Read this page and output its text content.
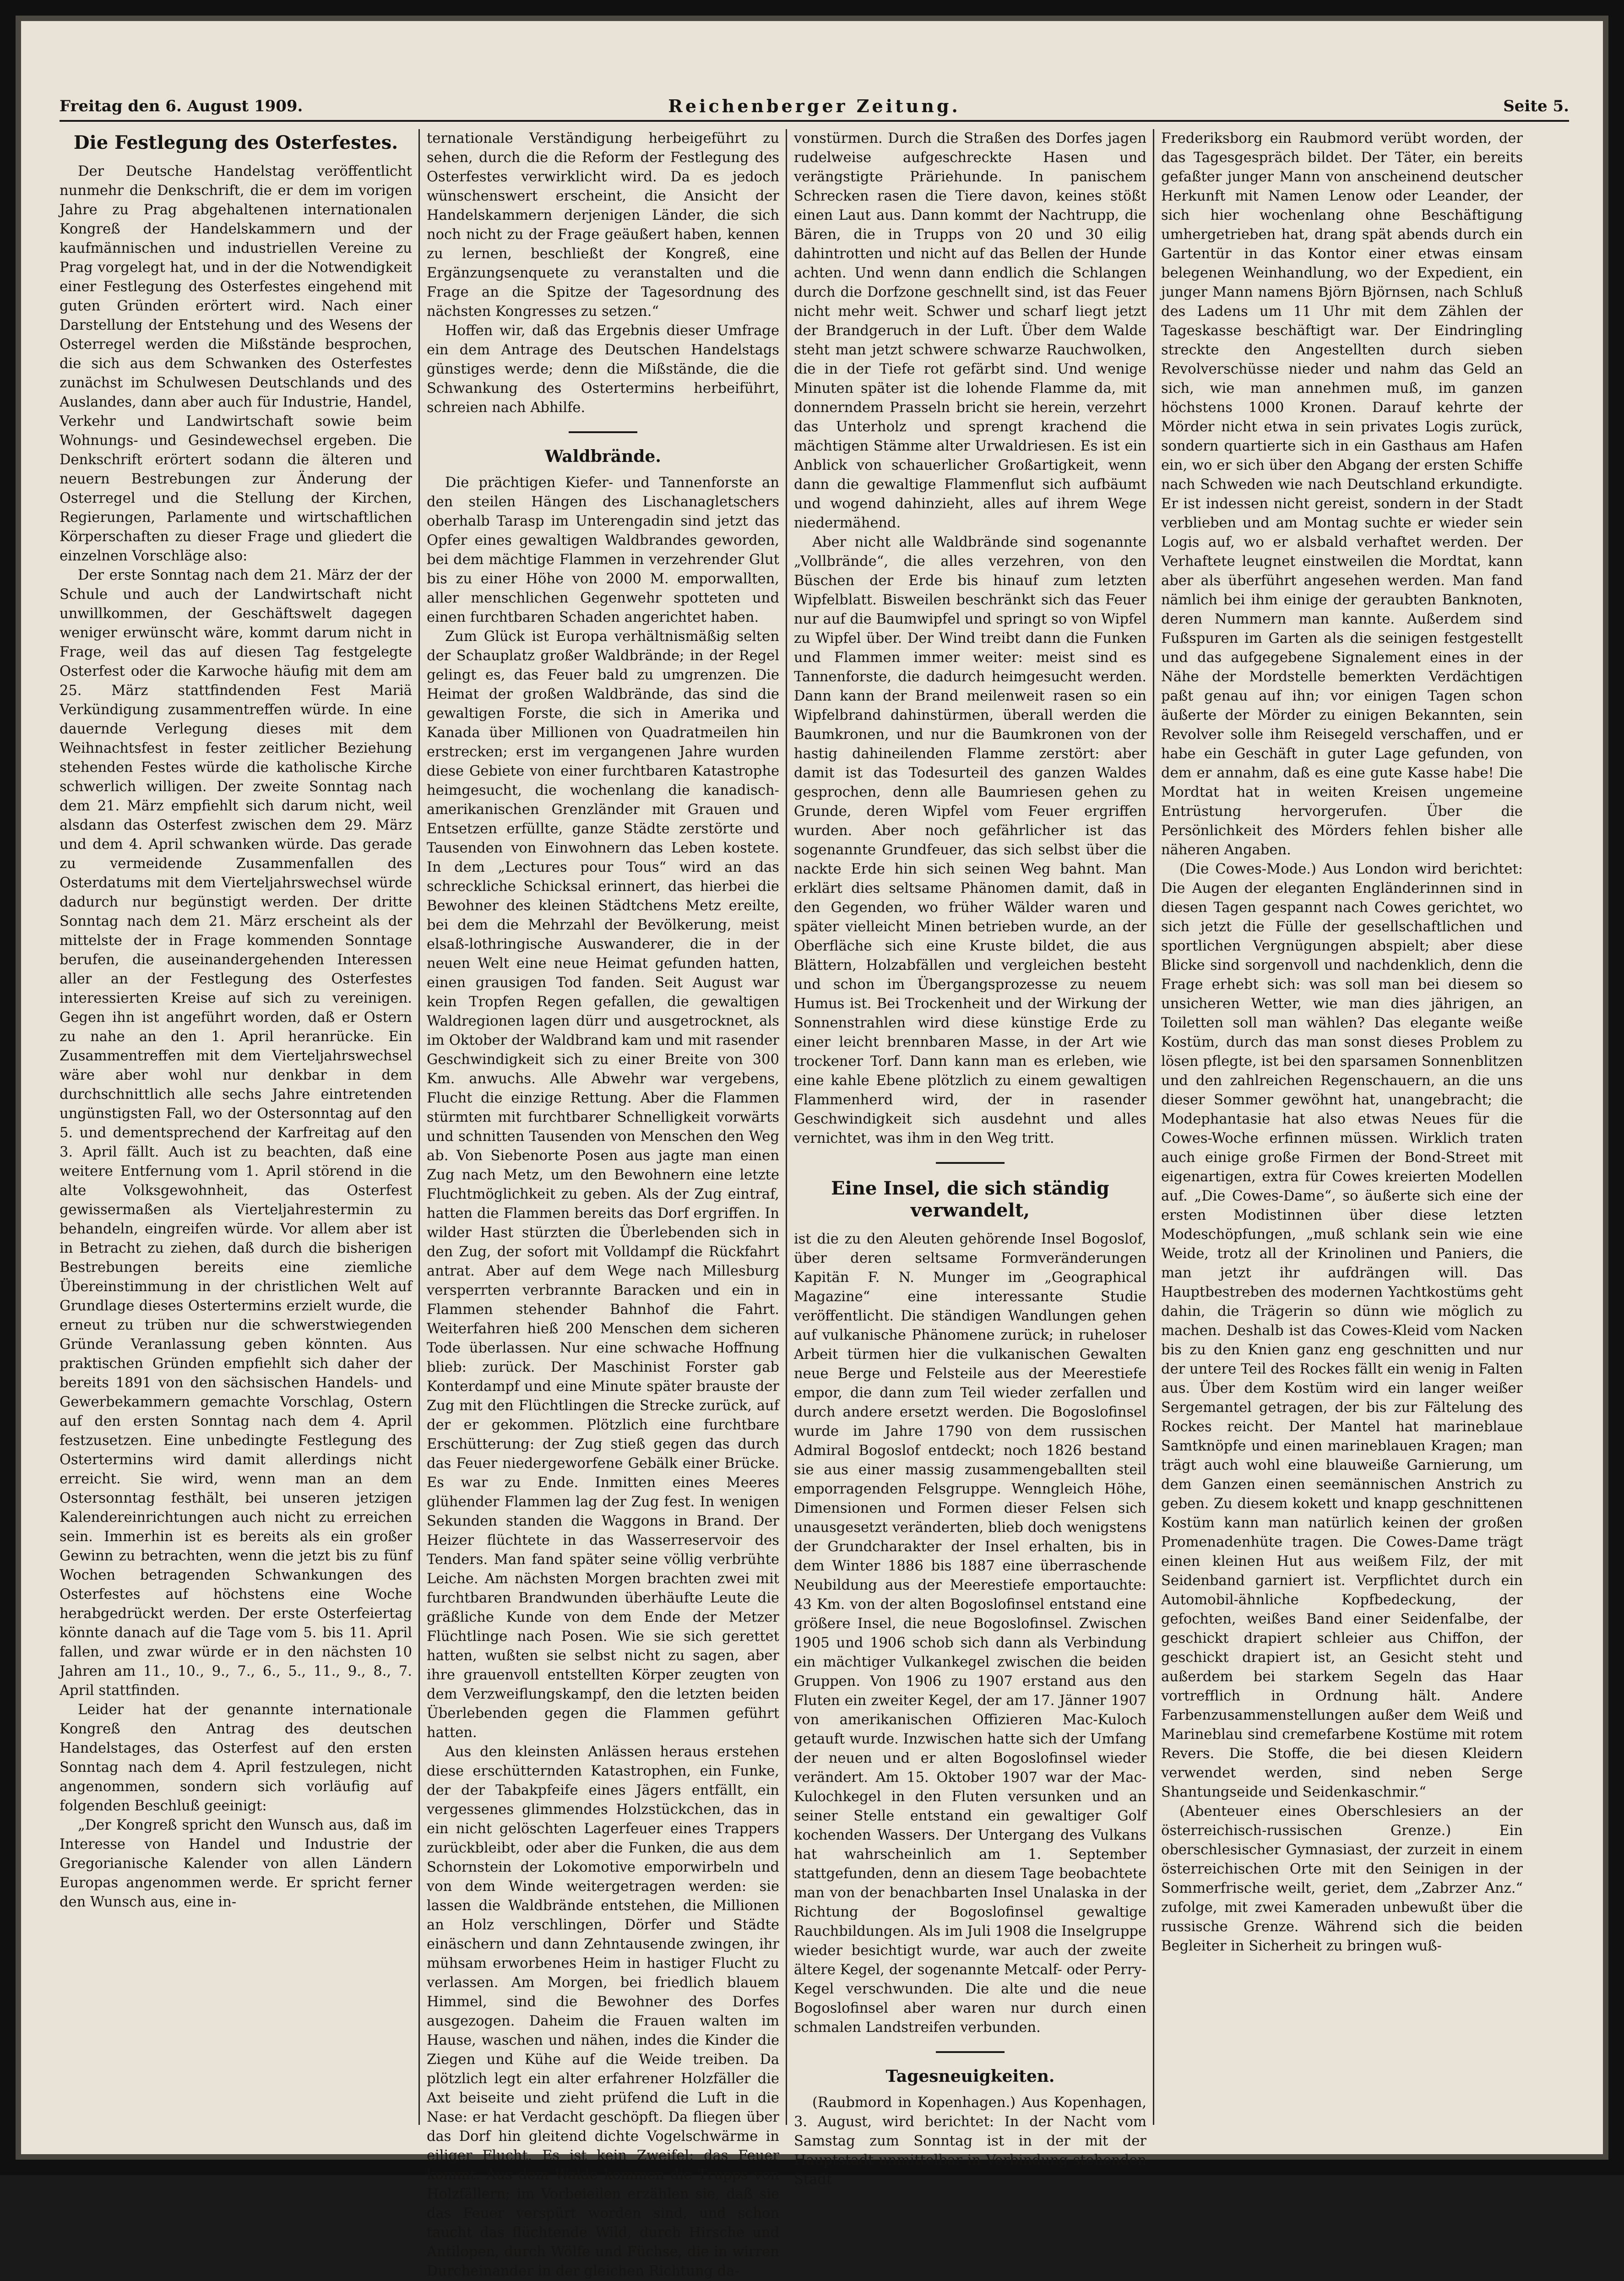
Freitag den 6. August 1909.	Reichenberger Zeitung.	Seite 5.
Die Festlegung des Osterfestes.

Der Deutsche Handelstag veröffentlicht nunmehr die Denkschrift, die er dem im vorigen Jahre zu Prag abgehaltenen internationalen Kongreß der Handelskammern und der kaufmännischen und industriellen Vereine zu Prag vorgelegt hat, und in der die Notwendigkeit einer Festlegung des Osterfestes eingehend mit guten Gründen erörtert wird. Nach einer Darstellung der Entstehung und des Wesens der Osterregel werden die Mißstände besprochen, die sich aus dem Schwanken des Osterfestes zunächst im Schulwesen Deutschlands und des Auslandes, dann aber auch für Industrie, Handel, Verkehr und Landwirtschaft sowie beim Wohnungs- und Gesindewechsel ergeben. Die Denkschrift erörtert sodann die älteren und neuern Bestrebungen zur Änderung der Osterregel und die Stellung der Kirchen, Regierungen, Parlamente und wirtschaftlichen Körperschaften zu dieser Frage und gliedert die einzelnen Vorschläge also:

Der erste Sonntag nach dem 21. März der der Schule und auch der Landwirtschaft nicht unwillkommen, der Geschäftswelt dagegen weniger erwünscht wäre, kommt darum nicht in Frage, weil das auf diesen Tag festgelegte Osterfest oder die Karwoche häufig mit dem am 25. März stattfindenden Fest Mariä Verkündigung zusammentreffen würde. In eine dauernde Verlegung dieses mit dem Weihnachtsfest in fester zeitlicher Beziehung stehenden Festes würde die katholische Kirche schwerlich willigen. Der zweite Sonntag nach dem 21. März empfiehlt sich darum nicht, weil alsdann das Osterfest zwischen dem 29. März und dem 4. April schwanken würde. Das gerade zu vermeidende Zusammenfallen des Osterdatums mit dem Vierteljahrswechsel würde dadurch nur begünstigt werden. Der dritte Sonntag nach dem 21. März erscheint als der mittelste der in Frage kommenden Sonntage berufen, die auseinandergehenden Interessen aller an der Festlegung des Osterfestes interessierten Kreise auf sich zu vereinigen. Gegen ihn ist angeführt worden, daß er Ostern zu nahe an den 1. April heranrücke. Ein Zusammentreffen mit dem Vierteljahrswechsel wäre aber wohl nur denkbar in dem durchschnittlich alle sechs Jahre eintretenden ungünstigsten Fall, wo der Ostersonntag auf den 5. und dementsprechend der Karfreitag auf den 3. April fällt. Auch ist zu beachten, daß eine weitere Entfernung vom 1. April störend in die alte Volksgewohnheit, das Osterfest gewissermaßen als Vierteljahrestermin zu behandeln, eingreifen würde. Vor allem aber ist in Betracht zu ziehen, daß durch die bisherigen Bestrebungen bereits eine ziemliche Übereinstimmung in der christlichen Welt auf Grundlage dieses Ostertermins erzielt wurde, die erneut zu trüben nur die schwerstwiegenden Gründe Veranlassung geben könnten. Aus praktischen Gründen empfiehlt sich daher der bereits 1891 von den sächsischen Handels- und Gewerbekammern gemachte Vorschlag, Ostern auf den ersten Sonntag nach dem 4. April festzusetzen. Eine unbedingte Festlegung des Ostertermins wird damit allerdings nicht erreicht. Sie wird, wenn man an dem Ostersonntag festhält, bei unseren jetzigen Kalendereinrichtungen auch nicht zu erreichen sein. Immerhin ist es bereits als ein großer Gewinn zu betrachten, wenn die jetzt bis zu fünf Wochen betragenden Schwankungen des Osterfestes auf höchstens eine Woche herabgedrückt werden. Der erste Osterfeiertag könnte danach auf die Tage vom 5. bis 11. April fallen, und zwar würde er in den nächsten 10 Jahren am 11., 10., 9., 7., 6., 5., 11., 9., 8., 7. April stattfinden.

Leider hat der genannte internationale Kongreß den Antrag des deutschen Handelstages, das Osterfest auf den ersten Sonntag nach dem 4. April festzulegen, nicht angenommen, sondern sich vorläufig auf folgenden Beschluß geeinigt:

„Der Kongreß spricht den Wunsch aus, daß im Interesse von Handel und Industrie der Gregorianische Kalender von allen Ländern Europas angenommen werde. Er spricht ferner den Wunsch aus, eine in-

ternationale Verständigung herbeigeführt zu sehen, durch die die Reform der Festlegung des Osterfestes verwirklicht wird. Da es jedoch wünschenswert erscheint, die Ansicht der Handelskammern derjenigen Länder, die sich noch nicht zu der Frage geäußert haben, kennen zu lernen, beschließt der Kongreß, eine Ergänzungsenquete zu veranstalten und die Frage an die Spitze der Tagesordnung des nächsten Kongresses zu setzen.“

Hoffen wir, daß das Ergebnis dieser Umfrage ein dem Antrage des Deutschen Handelstags günstiges werde; denn die Mißstände, die die Schwankung des Ostertermins herbeiführt, schreien nach Abhilfe.

Waldbrände.

Die prächtigen Kiefer- und Tannenforste an den steilen Hängen des Lischanagletschers oberhalb Tarasp im Unterengadin sind jetzt das Opfer eines gewaltigen Waldbrandes geworden, bei dem mächtige Flammen in verzehrender Glut bis zu einer Höhe von 2000 M. emporwallten, aller menschlichen Gegenwehr spotteten und einen furchtbaren Schaden angerichtet haben.

Zum Glück ist Europa verhältnismäßig selten der Schauplatz großer Waldbrände; in der Regel gelingt es, das Feuer bald zu umgrenzen. Die Heimat der großen Waldbrände, das sind die gewaltigen Forste, die sich in Amerika und Kanada über Millionen von Quadratmeilen hin erstrecken; erst im vergangenen Jahre wurden diese Gebiete von einer furchtbaren Katastrophe heimgesucht, die wochenlang die kanadisch-amerikanischen Grenzländer mit Grauen und Entsetzen erfüllte, ganze Städte zerstörte und Tausenden von Einwohnern das Leben kostete. In dem „Lectures pour Tous“ wird an das schreckliche Schicksal erinnert, das hierbei die Bewohner des kleinen Städtchens Metz ereilte, bei dem die Mehrzahl der Bevölkerung, meist elsaß-lothringische Auswanderer, die in der neuen Welt eine neue Heimat gefunden hatten, einen grausigen Tod fanden. Seit August war kein Tropfen Regen gefallen, die gewaltigen Waldregionen lagen dürr und ausgetrocknet, als im Oktober der Waldbrand kam und mit rasender Geschwindigkeit sich zu einer Breite von 300 Km. anwuchs. Alle Abwehr war vergebens, Flucht die einzige Rettung. Aber die Flammen stürmten mit furchtbarer Schnelligkeit vorwärts und schnitten Tausenden von Menschen den Weg ab. Von Siebenorte Posen aus jagte man einen Zug nach Metz, um den Bewohnern eine letzte Fluchtmöglichkeit zu geben. Als der Zug eintraf, hatten die Flammen bereits das Dorf ergriffen. In wilder Hast stürzten die Überlebenden sich in den Zug, der sofort mit Volldampf die Rückfahrt antrat. Aber auf dem Wege nach Millesburg versperrten verbrannte Baracken und ein in Flammen stehender Bahnhof die Fahrt. Weiterfahren hieß 200 Menschen dem sicheren Tode überlassen. Nur eine schwache Hoffnung blieb: zurück. Der Maschinist Forster gab Konterdampf und eine Minute später brauste der Zug mit den Flüchtlingen die Strecke zurück, auf der er gekommen. Plötzlich eine furchtbare Erschütterung: der Zug stieß gegen das durch das Feuer niedergeworfene Gebälk einer Brücke. Es war zu Ende. Inmitten eines Meeres glühender Flammen lag der Zug fest. In wenigen Sekunden standen die Waggons in Brand. Der Heizer flüchtete in das Wasserreservoir des Tenders. Man fand später seine völlig verbrühte Leiche. Am nächsten Morgen brachten zwei mit furchtbaren Brandwunden überhäufte Leute die gräßliche Kunde von dem Ende der Metzer Flüchtlinge nach Posen. Wie sie sich gerettet hatten, wußten sie selbst nicht zu sagen, aber ihre grauenvoll entstellten Körper zeugten von dem Verzweiflungskampf, den die letzten beiden Überlebenden gegen die Flammen geführt hatten.

Aus den kleinsten Anlässen heraus erstehen diese erschütternden Katastrophen, ein Funke, der der Tabakpfeife eines Jägers entfällt, ein vergessenes glimmendes Holzstückchen, das in ein nicht gelöschten Lagerfeuer eines Trappers zurückbleibt, oder aber die Funken, die aus dem Schornstein der Lokomotive emporwirbeln und von dem Winde weitergetragen werden: sie lassen die Waldbrände entstehen, die Millionen an Holz verschlingen, Dörfer und Städte einäschern und dann Zehntausende zwingen, ihr mühsam erworbenes Heim in hastiger Flucht zu verlassen. Am Morgen, bei friedlich blauem Himmel, sind die Bewohner des Dorfes ausgezogen. Daheim die Frauen walten im Hause, waschen und nähen, indes die Kinder die Ziegen und Kühe auf die Weide treiben. Da plötzlich legt ein alter erfahrener Holzfäller die Axt beiseite und zieht prüfend die Luft in die Nase: er hat Verdacht geschöpft. Da fliegen über das Dorf hin gleitend dichte Vogelschwärme in eiliger Flucht. Es ist kein Zweifel: das Feuer kommt. Aus dem Walde kommen die Trupps von Holzfällern; im Vorbeieilen erzählen sie, daß sie das Feuer verspürt worden sind, und schon taucht das flüchtende Wild, durch Hirsche und Antilopen, durch Wölfe und Füchse, die in wirren Durcheinander in der gleichen Richtung da-

vonstürmen. Durch die Straßen des Dorfes jagen rudelweise aufgeschreckte Hasen und verängstigte Präriehunde. In panischem Schrecken rasen die Tiere davon, keines stößt einen Laut aus. Dann kommt der Nachtrupp, die Bären, die in Trupps von 20 und 30 eilig dahintrotten und nicht auf das Bellen der Hunde achten. Und wenn dann endlich die Schlangen durch die Dorfzone geschnellt sind, ist das Feuer nicht mehr weit. Schwer und scharf liegt jetzt der Brandgeruch in der Luft. Über dem Walde steht man jetzt schwere schwarze Rauchwolken, die in der Tiefe rot gefärbt sind. Und wenige Minuten später ist die lohende Flamme da, mit donnerndem Prasseln bricht sie herein, verzehrt das Unterholz und sprengt krachend die mächtigen Stämme alter Urwaldriesen. Es ist ein Anblick von schauerlicher Großartigkeit, wenn dann die gewaltige Flammenflut sich aufbäumt und wogend dahinzieht, alles auf ihrem Wege niedermähend.

Aber nicht alle Waldbrände sind sogenannte „Vollbrände“, die alles verzehren, von den Büschen der Erde bis hinauf zum letzten Wipfelblatt. Bisweilen beschränkt sich das Feuer nur auf die Baumwipfel und springt so von Wipfel zu Wipfel über. Der Wind treibt dann die Funken und Flammen immer weiter: meist sind es Tannenforste, die dadurch heimgesucht werden. Dann kann der Brand meilenweit rasen so ein Wipfelbrand dahinstürmen, überall werden die Baumkronen, und nur die Baumkronen von der hastig dahineilenden Flamme zerstört: aber damit ist das Todesurteil des ganzen Waldes gesprochen, denn alle Baumriesen gehen zu Grunde, deren Wipfel vom Feuer ergriffen wurden. Aber noch gefährlicher ist das sogenannte Grundfeuer, das sich selbst über die nackte Erde hin sich seinen Weg bahnt. Man erklärt dies seltsame Phänomen damit, daß in den Gegenden, wo früher Wälder waren und später vielleicht Minen betrieben wurde, an der Oberfläche sich eine Kruste bildet, die aus Blättern, Holzabfällen und vergleichen besteht und schon im Übergangsprozesse zu neuem Humus ist. Bei Trockenheit und der Wirkung der Sonnenstrahlen wird diese künstige Erde zu einer leicht brennbaren Masse, in der Art wie trockener Torf. Dann kann man es erleben, wie eine kahle Ebene plötzlich zu einem gewaltigen Flammenherd wird, der in rasender Geschwindigkeit sich ausdehnt und alles vernichtet, was ihm in den Weg tritt.

Eine Insel, die sich ständig verwandelt,

ist die zu den Aleuten gehörende Insel Bogoslof, über deren seltsame Formveränderungen Kapitän F. N. Munger im „Geographical Magazine“ eine interessante Studie veröffentlicht. Die ständigen Wandlungen gehen auf vulkanische Phänomene zurück; in ruheloser Arbeit türmen hier die vulkanischen Gewalten neue Berge und Felsteile aus der Meerestiefe empor, die dann zum Teil wieder zerfallen und durch andere ersetzt werden. Die Bogoslofinsel wurde im Jahre 1790 von dem russischen Admiral Bogoslof entdeckt; noch 1826 bestand sie aus einer massig zusammengeballten steil emporragenden Felsgruppe. Wenngleich Höhe, Dimensionen und Formen dieser Felsen sich unausgesetzt veränderten, blieb doch wenigstens der Grundcharakter der Insel erhalten, bis in dem Winter 1886 bis 1887 eine überraschende Neubildung aus der Meerestiefe emportauchte: 43 Km. von der alten Bogoslofinsel entstand eine größere Insel, die neue Bogoslofinsel. Zwischen 1905 und 1906 schob sich dann als Verbindung ein mächtiger Vulkankegel zwischen die beiden Gruppen. Von 1906 zu 1907 erstand aus den Fluten ein zweiter Kegel, der am 17. Jänner 1907 von amerikanischen Offizieren Mac-Kuloch getauft wurde. Inzwischen hatte sich der Umfang der neuen und er alten Bogoslofinsel wieder verändert. Am 15. Oktober 1907 war der Mac-Kulochkegel in den Fluten versunken und an seiner Stelle entstand ein gewaltiger Golf kochenden Wassers. Der Untergang des Vulkans hat wahrscheinlich am 1. September stattgefunden, denn an diesem Tage beobachtete man von der benachbarten Insel Unalaska in der Richtung der Bogoslofinsel gewaltige Rauchbildungen. Als im Juli 1908 die Inselgruppe wieder besichtigt wurde, war auch der zweite ältere Kegel, der sogenannte Metcalf- oder Perry-Kegel verschwunden. Die alte und die neue Bogoslofinsel aber waren nur durch einen schmalen Landstreifen verbunden.

Tagesneuigkeiten.

(Raubmord in Kopenhagen.) Aus Kopenhagen, 3. August, wird berichtet: In der Nacht vom Samstag zum Sonntag ist in der mit der Hauptstadt unmittelbar in Verbindung stehenden Stadt

Frederiksborg ein Raubmord verübt worden, der das Tagesgespräch bildet. Der Täter, ein bereits gefaßter junger Mann von anscheinend deutscher Herkunft mit Namen Lenow oder Leander, der sich hier wochenlang ohne Beschäftigung umhergetrieben hat, drang spät abends durch ein Gartentür in das Kontor einer etwas einsam belegenen Weinhandlung, wo der Expedient, ein junger Mann namens Björn Björnsen, nach Schluß des Ladens um 11 Uhr mit dem Zählen der Tageskasse beschäftigt war. Der Eindringling streckte den Angestellten durch sieben Revolverschüsse nieder und nahm das Geld an sich, wie man annehmen muß, im ganzen höchstens 1000 Kronen. Darauf kehrte der Mörder nicht etwa in sein privates Logis zurück, sondern quartierte sich in ein Gasthaus am Hafen ein, wo er sich über den Abgang der ersten Schiffe nach Schweden wie nach Deutschland erkundigte. Er ist indessen nicht gereist, sondern in der Stadt verblieben und am Montag suchte er wieder sein Logis auf, wo er alsbald verhaftet werden. Der Verhaftete leugnet einstweilen die Mordtat, kann aber als überführt angesehen werden. Man fand nämlich bei ihm einige der geraubten Banknoten, deren Nummern man kannte. Außerdem sind Fußspuren im Garten als die seinigen festgestellt und das aufgegebene Signalement eines in der Nähe der Mordstelle bemerkten Verdächtigen paßt genau auf ihn; vor einigen Tagen schon äußerte der Mörder zu einigen Bekannten, sein Revolver solle ihm Reisegeld verschaffen, und er habe ein Geschäft in guter Lage gefunden, von dem er annahm, daß es eine gute Kasse habe! Die Mordtat hat in weiten Kreisen ungemeine Entrüstung hervorgerufen. Über die Persönlichkeit des Mörders fehlen bisher alle näheren Angaben.

(Die Cowes-Mode.) Aus London wird berichtet: Die Augen der eleganten Engländerinnen sind in diesen Tagen gespannt nach Cowes gerichtet, wo sich jetzt die Fülle der gesellschaftlichen und sportlichen Vergnügungen abspielt; aber diese Blicke sind sorgenvoll und nachdenklich, denn die Frage erhebt sich: was soll man bei diesem so unsicheren Wetter, wie man dies jährigen, an Toiletten soll man wählen? Das elegante weiße Kostüm, durch das man sonst dieses Problem zu lösen pflegte, ist bei den sparsamen Sonnenblitzen und den zahlreichen Regenschauern, an die uns dieser Sommer gewöhnt hat, unangebracht; die Modephantasie hat also etwas Neues für die Cowes-Woche erfinnen müssen. Wirklich traten auch einige große Firmen der Bond-Street mit eigenartigen, extra für Cowes kreierten Modellen auf. „Die Cowes-Dame“, so äußerte sich eine der ersten Modistinnen über diese letzten Modeschöpfungen, „muß schlank sein wie eine Weide, trotz all der Krinolinen und Paniers, die man jetzt ihr aufdrängen will. Das Hauptbestreben des modernen Yachtkostüms geht dahin, die Trägerin so dünn wie möglich zu machen. Deshalb ist das Cowes-Kleid vom Nacken bis zu den Knien ganz eng geschnitten und nur der untere Teil des Rockes fällt ein wenig in Falten aus. Über dem Kostüm wird ein langer weißer Sergemantel getragen, der bis zur Fältelung des Rockes reicht. Der Mantel hat marineblaue Samtknöpfe und einen marineblauen Kragen; man trägt auch wohl eine blauweiße Garnierung, um dem Ganzen einen seemännischen Anstrich zu geben. Zu diesem kokett und knapp geschnittenen Kostüm kann man natürlich keinen der großen Promenadenhüte tragen. Die Cowes-Dame trägt einen kleinen Hut aus weißem Filz, der mit Seidenband garniert ist. Verpflichtet durch ein Automobil-ähnliche Kopfbedeckung, der gefochten, weißes Band einer Seidenfalbe, der geschickt drapiert schleier aus Chiffon, der geschickt drapiert ist, an Gesicht steht und außerdem bei starkem Segeln das Haar vortrefflich in Ordnung hält. Andere Farbenzusammenstellungen außer dem Weiß und Marineblau sind cremefarbene Kostüme mit rotem Revers. Die Stoffe, die bei diesen Kleidern verwendet werden, sind neben Serge Shantungseide und Seidenkaschmir.“

(Abenteuer eines Oberschlesiers an der österreichisch-russischen Grenze.) Ein oberschlesischer Gymnasiast, der zurzeit in einem österreichischen Orte mit den Seinigen in der Sommerfrische weilt, geriet, dem „Zabrzer Anz.“ zufolge, mit zwei Kameraden unbewußt über die russische Grenze. Während sich die beiden Begleiter in Sicherheit zu bringen wuß-
